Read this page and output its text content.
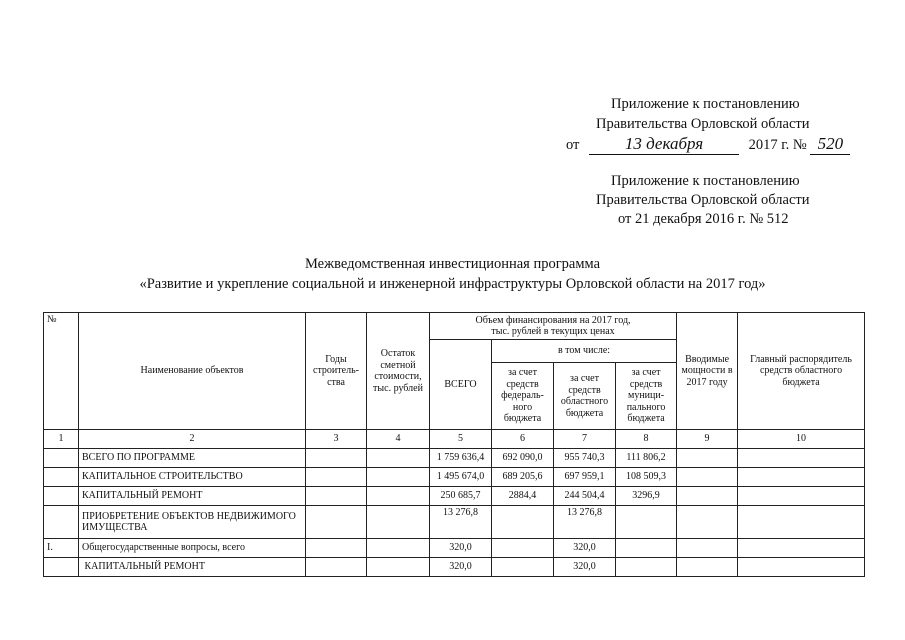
Приложение к постановлению
Правительства Орловской области
от	13 декабря	2017 г. № 520
Приложение к постановлению
Правительства Орловской области
от 21 декабря 2016 г. № 512
Межведомственная инвестиционная программа
«Развитие и укрепление социальной и инженерной инфраструктуры Орловской области на 2017 год»
№	Наименование объектов	Годы строитель-ства	Остаток сметной стоимости, тыс. рублей	Объем финансирования на 2017 год,
тыс. рублей в текущих ценах				Вводимые мощности в 2017 году	Главный распорядитель средств областного бюджета
				ВСЕГО	в том числе:				
					за счет средств федераль-ного бюджета	за счет средств областного бюджета	за счет средств муници-пального бюджета		
1	2	3	4	5	6	7	8	9	10
	ВСЕГО ПО ПРОГРАММЕ			1 759 636,4	692 090,0	955 740,3	111 806,2		
	КАПИТАЛЬНОЕ СТРОИТЕЛЬСТВО			1 495 674,0	689 205,6	697 959,1	108 509,3		
	КАПИТАЛЬНЫЙ РЕМОНТ			250 685,7	2884,4	244 504,4	3296,9		
	ПРИОБРЕТЕНИЕ ОБЪЕКТОВ НЕДВИЖИМОГО ИМУЩЕСТВА			13 276,8		13 276,8			
I.	Общегосударственные вопросы, всего			320,0		320,0			
	КАПИТАЛЬНЫЙ РЕМОНТ			320,0		320,0			
